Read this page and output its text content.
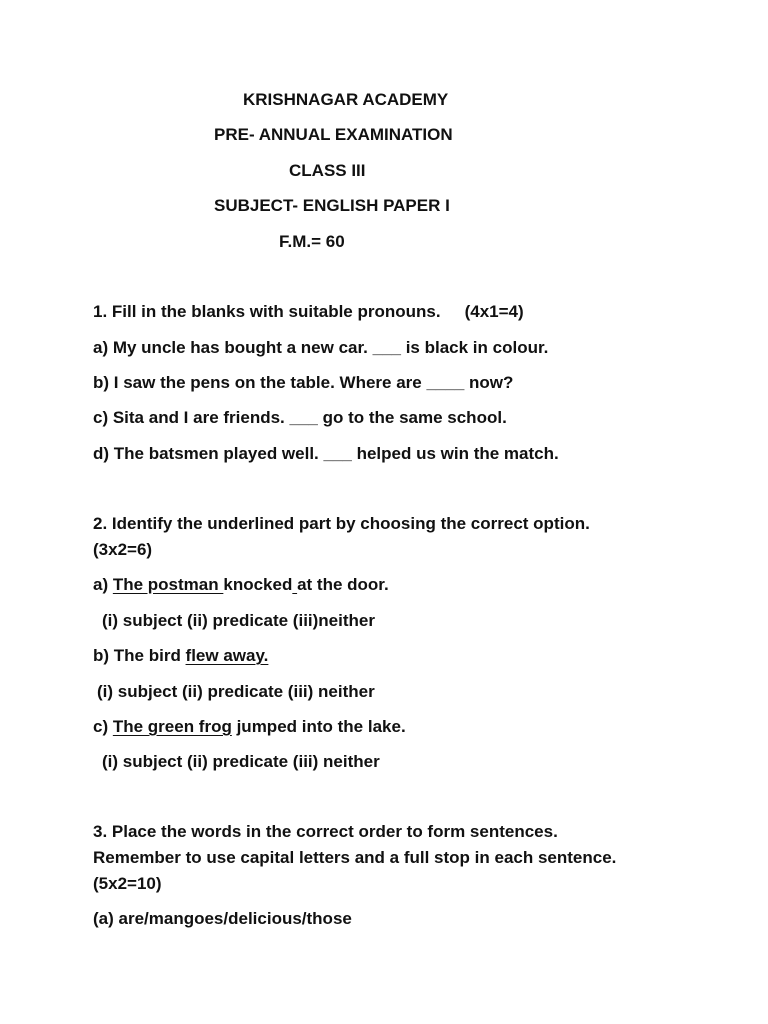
KRISHNAGAR ACADEMY
PRE- ANNUAL EXAMINATION
CLASS III
SUBJECT- ENGLISH PAPER I
F.M.= 60
1. Fill in the blanks with suitable pronouns. (4x1=4)
a) My uncle has bought a new car. ___ is black in colour.
b) I saw the pens on the table. Where are ____ now?
c) Sita and I are friends. ___ go to the same school.
d) The batsmen played well. ___ helped us win the match.
2. Identify the underlined part by choosing the correct option.
(3x2=6)
a) The postman knocked at the door.
(i) subject (ii) predicate (iii)neither
b) The bird flew away.
(i) subject (ii) predicate (iii) neither
c) The green frog jumped into the lake.
(i) subject (ii) predicate (iii) neither
3. Place the words in the correct order to form sentences.
Remember to use capital letters and a full stop in each sentence.
(5x2=10)
(a) are/mangoes/delicious/those
